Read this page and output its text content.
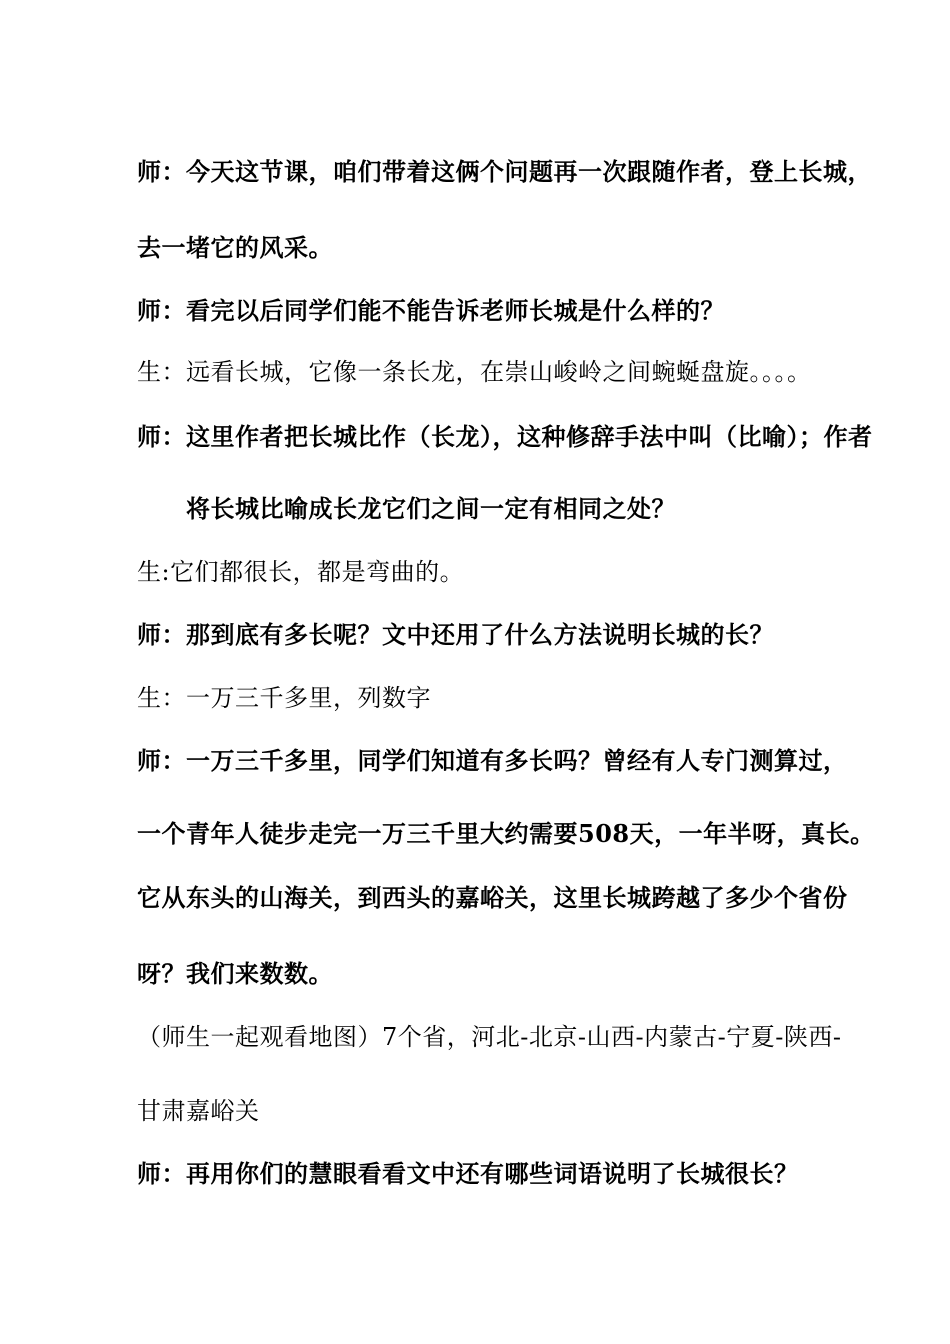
师：今天这节课，咱们带着这俩个问题再一次跟随作者，登上长城，
去一堵它的风采。
师：看完以后同学们能不能告诉老师长城是什么样的？
生：远看长城，它像一条长龙，在崇山峻岭之间蜿蜒盘旋。。。。
师：这里作者把长城比作（长龙），这种修辞手法中叫（比喻）；作者
将长城比喻成长龙它们之间一定有相同之处？
生:它们都很长，都是弯曲的。
师：那到底有多长呢？文中还用了什么方法说明长城的长？
生：一万三千多里，列数字
师：一万三千多里，同学们知道有多长吗？曾经有人专门测算过，
一个青年人徒步走完一万三千里大约需要508天，一年半呀，真长。
它从东头的山海关，到西头的嘉峪关，这里长城跨越了多少个省份
呀？我们来数数。
（师生一起观看地图）7个省，河北-北京-山西-内蒙古-宁夏-陕西-
甘肃嘉峪关
师：再用你们的慧眼看看文中还有哪些词语说明了长城很长？
